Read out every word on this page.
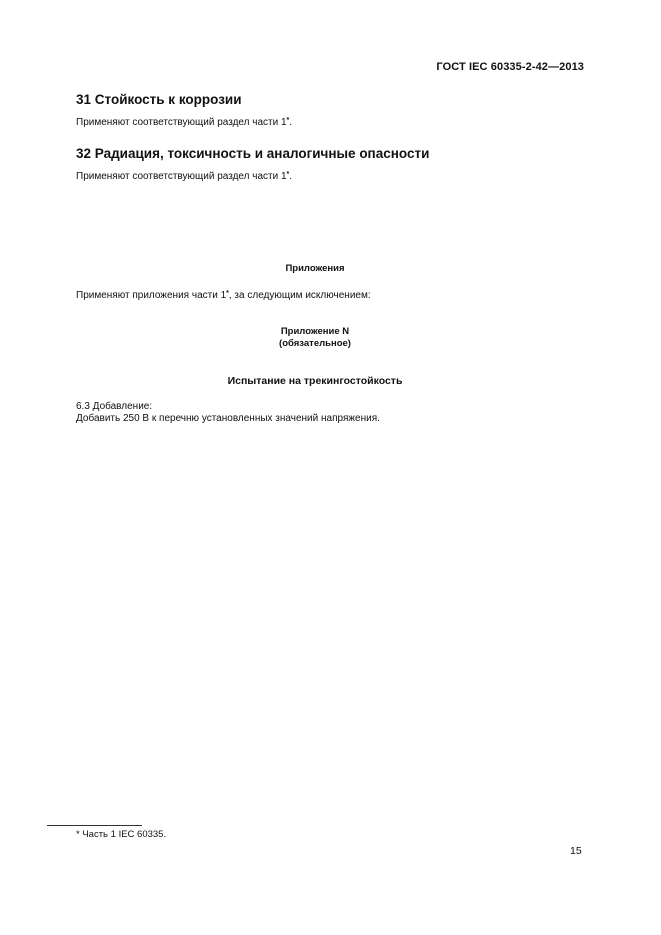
ГОСТ IEC 60335-2-42—2013
31 Стойкость к коррозии
Применяют соответствующий раздел части 1*.
32 Радиация, токсичность и аналогичные опасности
Применяют соответствующий раздел части 1*.
Приложения
Применяют приложения части 1*, за следующим исключением:
Приложение N
(обязательное)
Испытание на трекингостойкость
6.3 Добавление:
Добавить 250 В к перечню установленных значений напряжения.
* Часть 1 IEC 60335.
15
